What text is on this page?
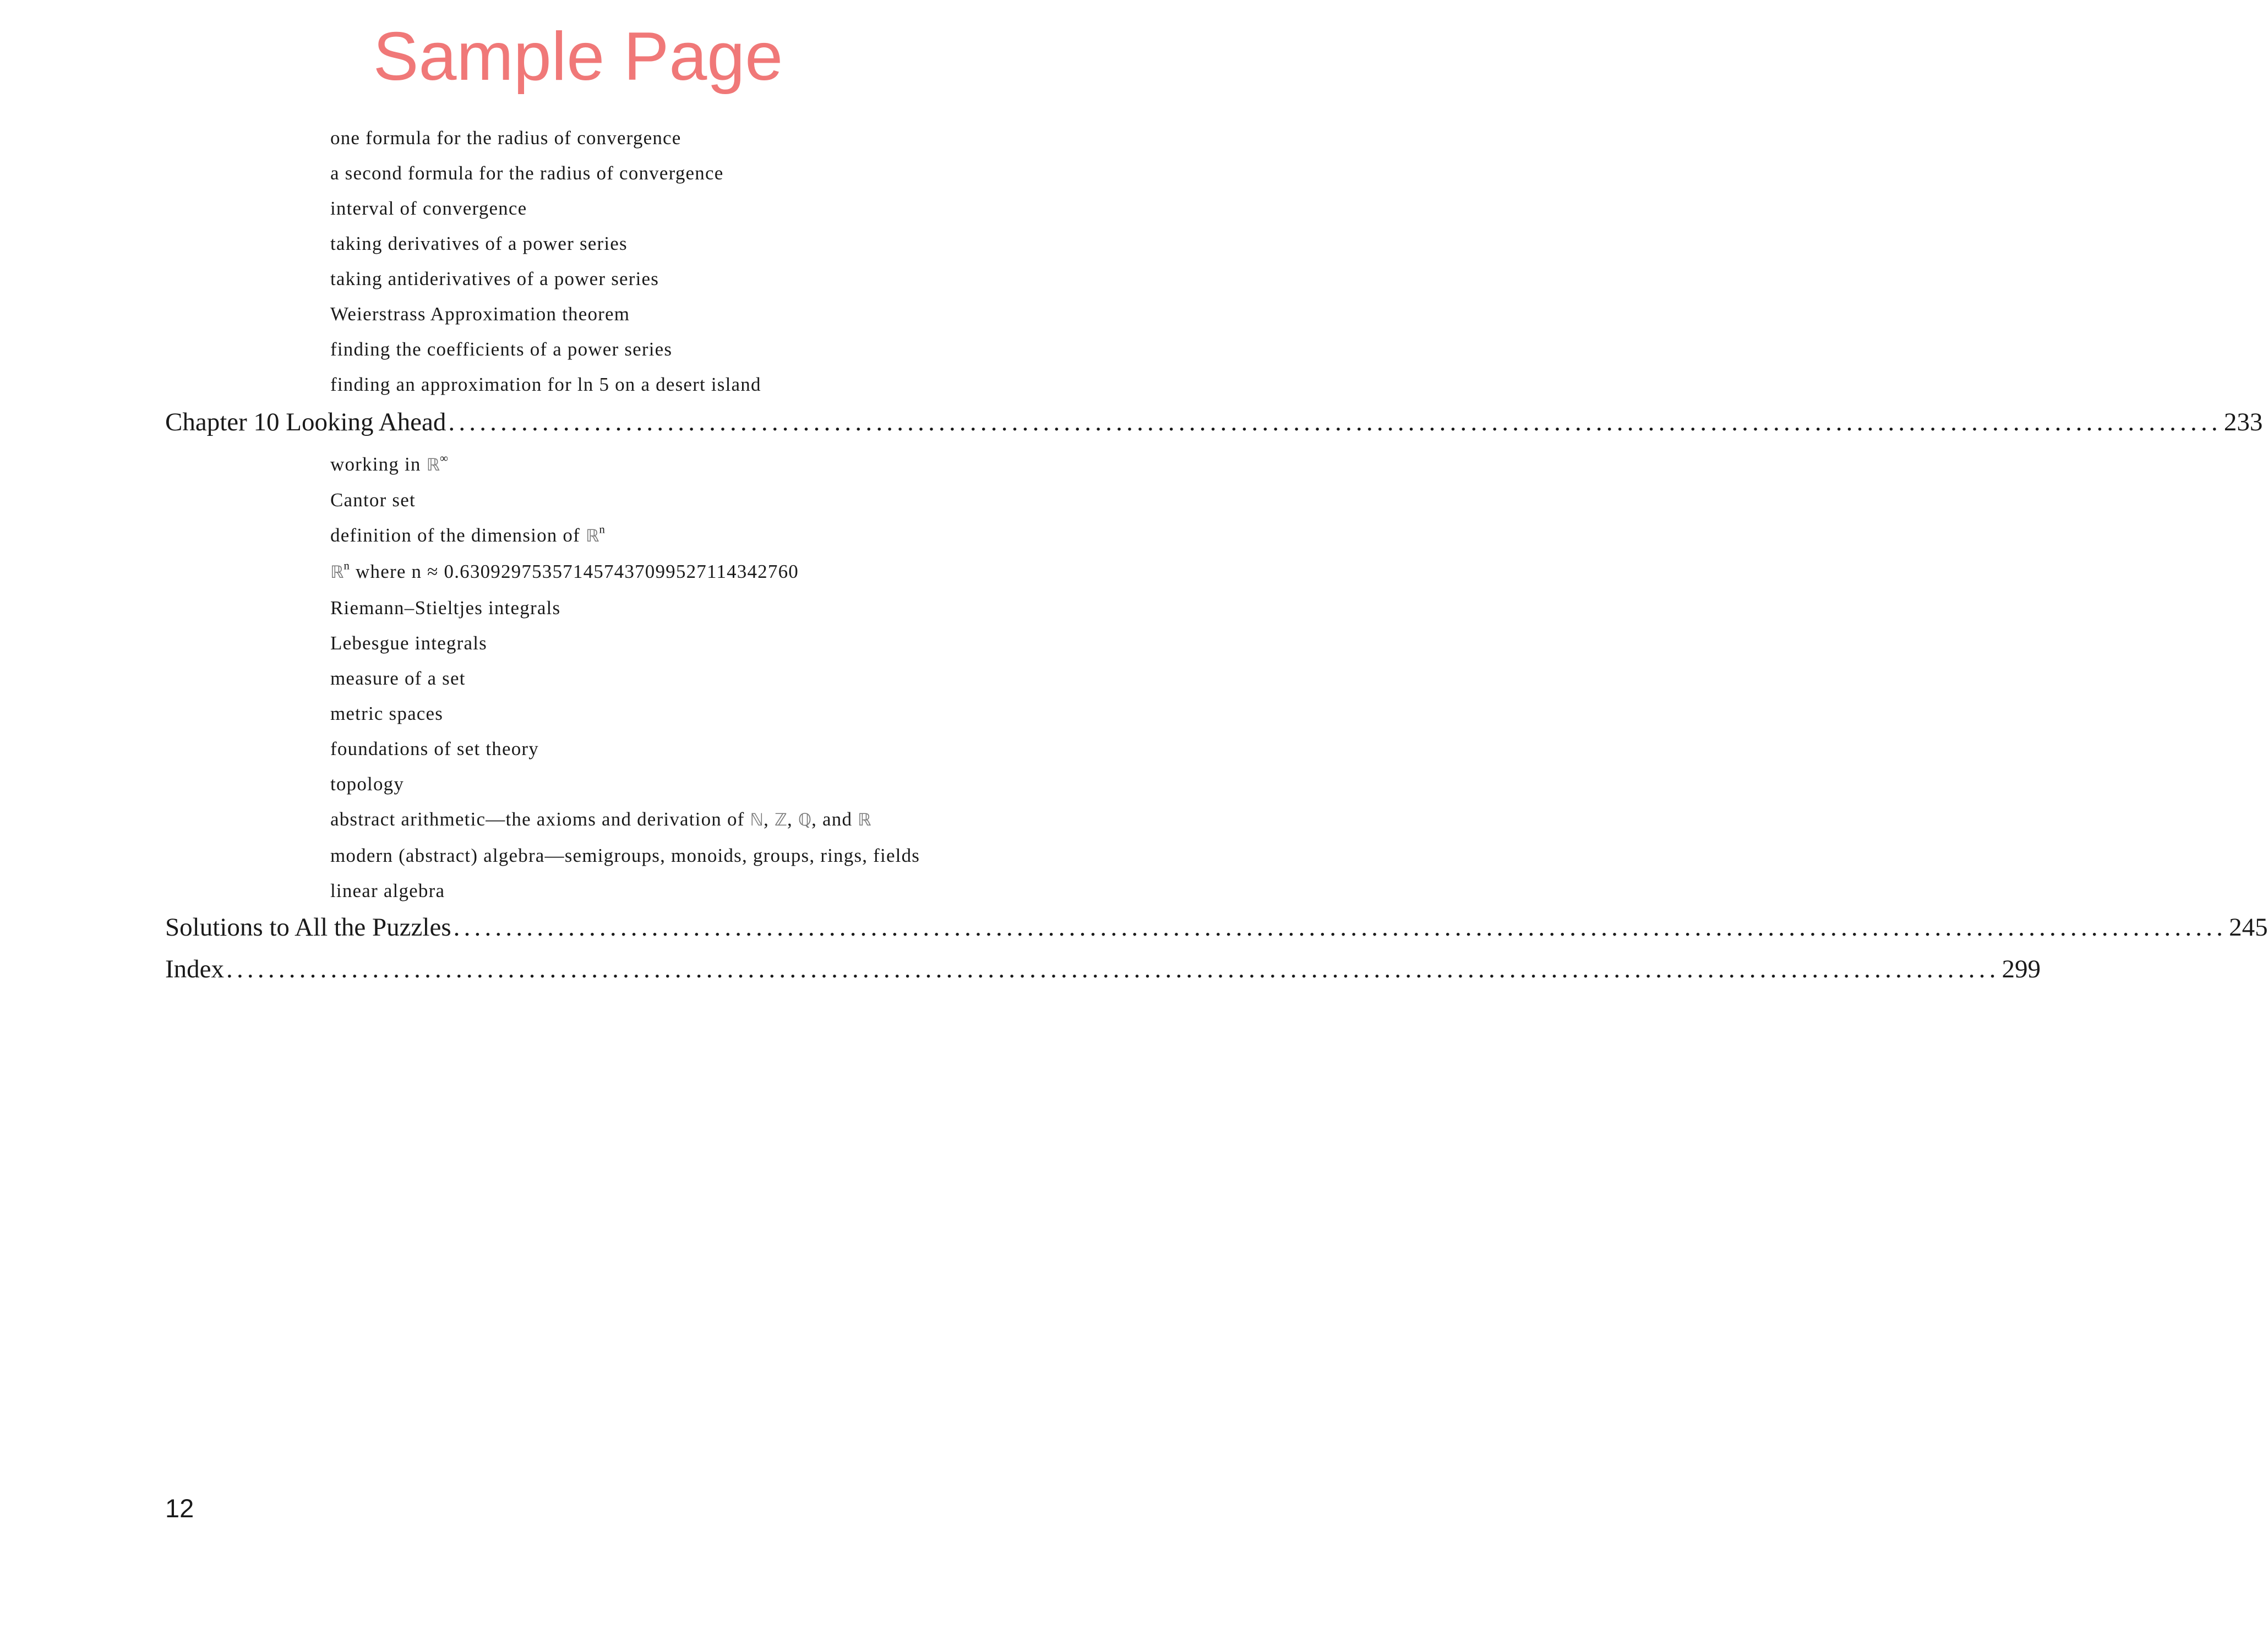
Sample Page
one formula for the radius of convergence
a second formula for the radius of convergence
interval of convergence
taking derivatives of a power series
taking antiderivatives of a power series
Weierstrass Approximation theorem
finding the coefficients of a power series
finding an approximation for ln 5 on a desert island
Chapter 10 Looking Ahead .......................................................................................................................................................................... 233
working in ℝ∞
Cantor set
definition of the dimension of ℝ$^n$
ℝ$^n$ where n ≈ 0.630929753571457437099527114342760
Riemann–Stieltjes integrals
Lebesgue integrals
measure of a set
metric spaces
foundations of set theory
topology
abstract arithmetic—the axioms and derivation of ℕ, ℤ, ℚ, and ℝ
modern (abstract) algebra—semigroups, monoids, groups, rings, fields
linear algebra
Solutions to All the Puzzles .......................................................................................................................................................................... 245
Index .......................................................................................................................................................................... 299
12
